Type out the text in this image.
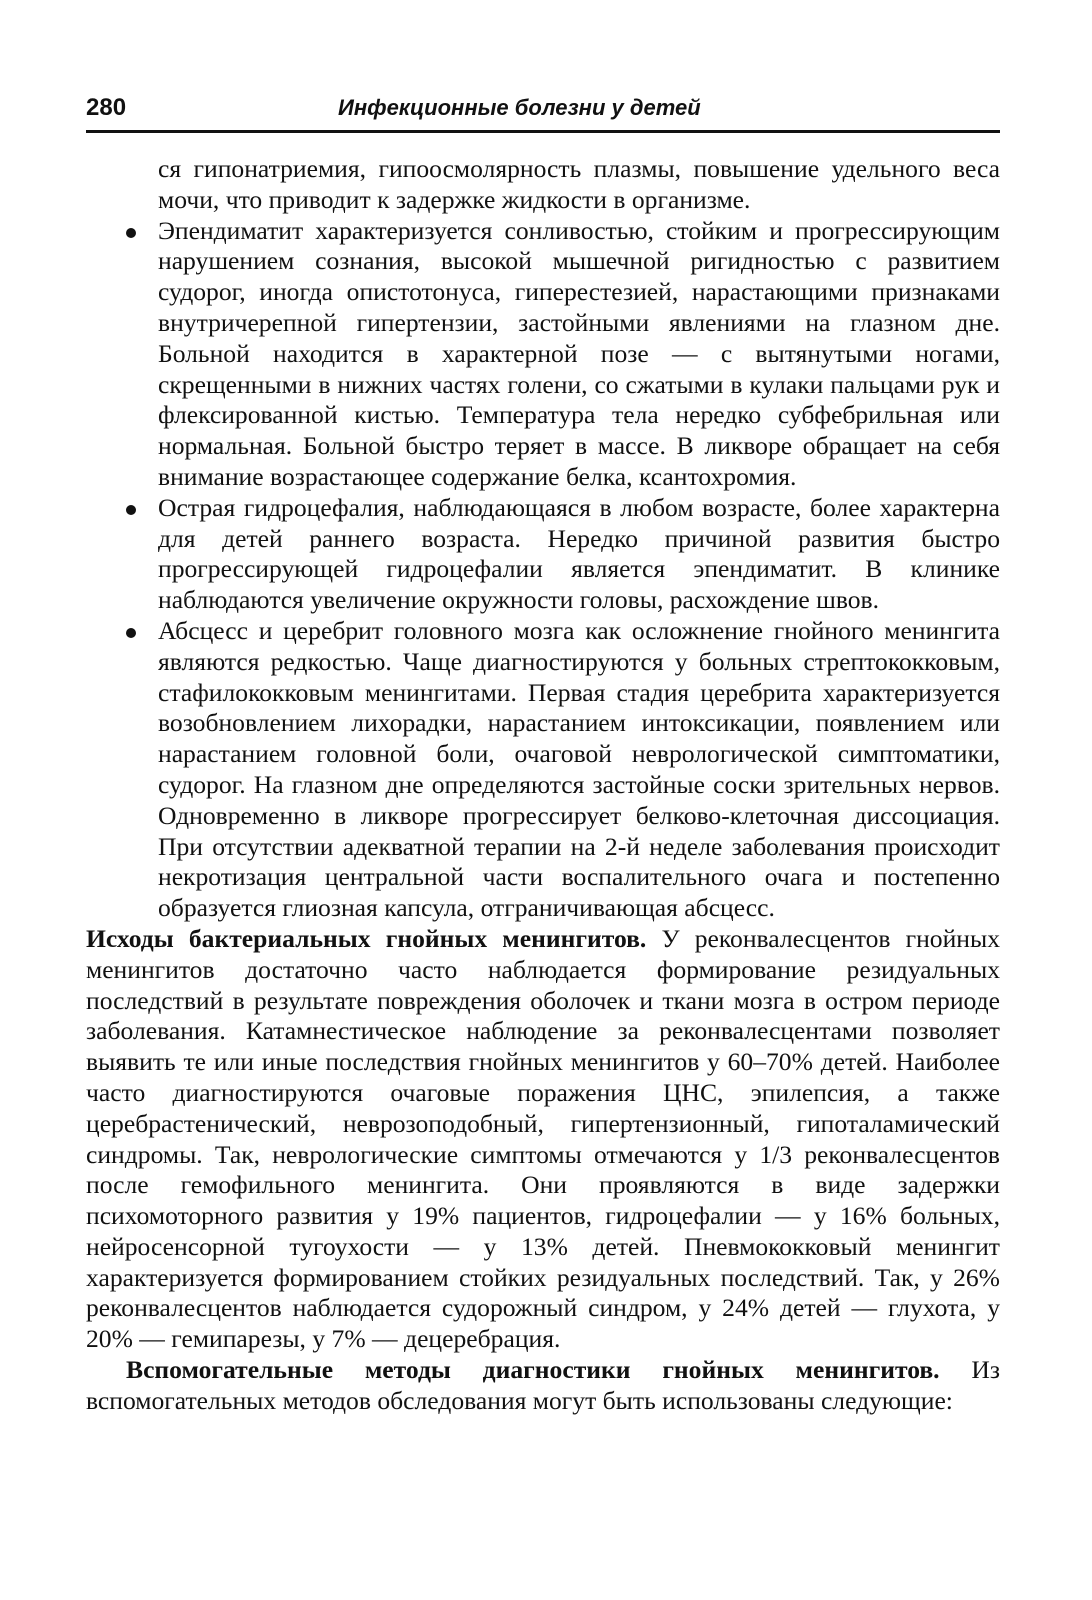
280	Инфекционные болезни у детей

ся гипонатриемия, гипоосмолярность плазмы, повышение удельного веса мочи, что приводит к задержке жидкости в организме.

Эпендиматит характеризуется сонливостью, стойким и прогрессирующим нарушением сознания, высокой мышечной ригидностью с развитием судорог, иногда опистотонуса, гиперестезией, нарастающими признаками внутричерепной гипертензии, застойными явлениями на глазном дне. Больной находится в характерной позе — с вытянутыми ногами, скрещенными в нижних частях голени, со сжатыми в кулаки пальцами рук и флексированной кистью. Температура тела нередко субфебрильная или нормальная. Больной быстро теряет в массе. В ликворе обращает на себя внимание возрастающее содержание белка, ксантохромия.
Острая гидроцефалия, наблюдающаяся в любом возрасте, более характерна для детей раннего возраста. Нередко причиной развития быстро прогрессирующей гидроцефалии является эпендиматит. В клинике наблюдаются увеличение окружности головы, расхождение швов.
Абсцесс и церебрит головного мозга как осложнение гнойного менингита являются редкостью. Чаще диагностируются у больных стрептококковым, стафилококковым менингитами. Первая стадия церебрита характеризуется возобновлением лихорадки, нарастанием интоксикации, появлением или нарастанием головной боли, очаговой неврологической симптоматики, судорог. На глазном дне определяются застойные соски зрительных нервов. Одновременно в ликворе прогрессирует белково-клеточная диссоциация. При отсутствии адекватной терапии на 2-й неделе заболевания происходит некротизация центральной части воспалительного очага и постепенно образуется глиозная капсула, отграничивающая абсцесс.

Исходы бактериальных гнойных менингитов. У реконвалесцентов гнойных менингитов достаточно часто наблюдается формирование резидуальных последствий в результате повреждения оболочек и ткани мозга в остром периоде заболевания. Катамнестическое наблюдение за реконвалесцентами позволяет выявить те или иные последствия гнойных менингитов у 60–70% детей. Наиболее часто диагностируются очаговые поражения ЦНС, эпилепсия, а также церебрастенический, неврозоподобный, гипертензионный, гипоталамический синдромы. Так, неврологические симптомы отмечаются у 1/3 реконвалесцентов после гемофильного менингита. Они проявляются в виде задержки психомоторного развития у 19% пациентов, гидроцефалии — у 16% больных, нейросенсорной тугоухости — у 13% детей. Пневмококковый менингит характеризуется формированием стойких резидуальных последствий. Так, у 26% реконвалесцентов наблюдается судорожный синдром, у 24% детей — глухота, у 20% — гемипарезы, у 7% — децеребрация.

Вспомогательные методы диагностики гнойных менингитов. Из вспомогательных методов обследования могут быть использованы следующие:
